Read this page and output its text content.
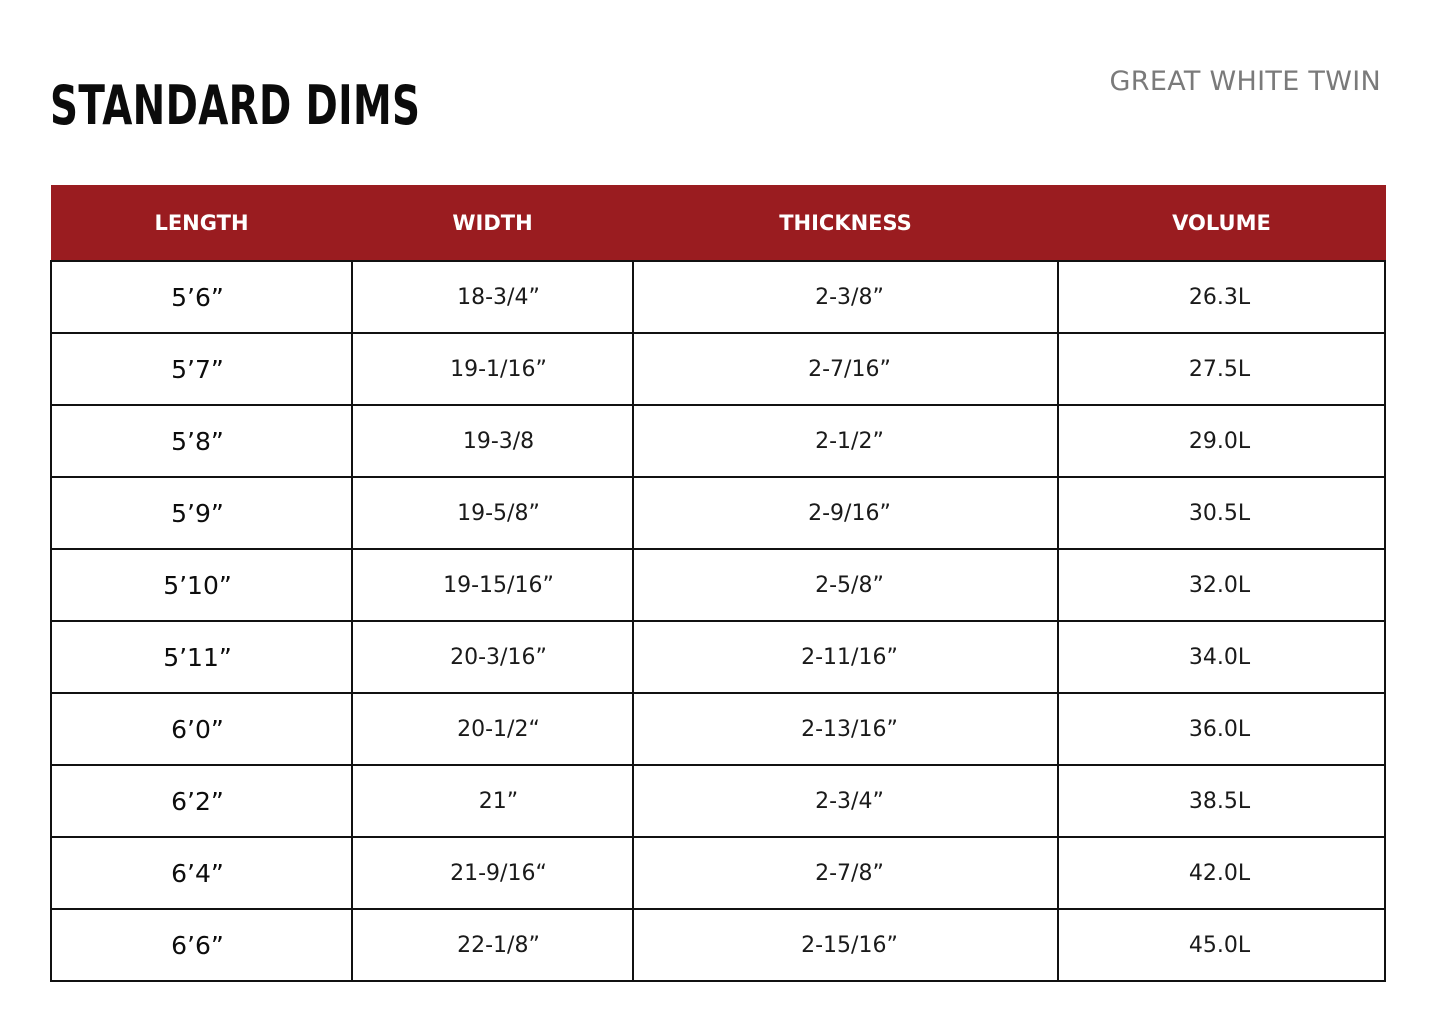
STANDARD DIMS	GREAT WHITE TWIN
LENGTH	WIDTH	THICKNESS	VOLUME
5’6”	18-3/4”	2-3/8”	26.3L
5’7”	19-1/16”	2-7/16”	27.5L
5’8”	19-3/8	2-1/2”	29.0L
5’9”	19-5/8”	2-9/16”	30.5L
5’10”	19-15/16”	2-5/8”	32.0L
5’11”	20-3/16”	2-11/16”	34.0L
6’0”	20-1/2“	2-13/16”	36.0L
6’2”	21”	2-3/4”	38.5L
6’4”	21-9/16“	2-7/8”	42.0L
6’6”	22-1/8”	2-15/16”	45.0L
